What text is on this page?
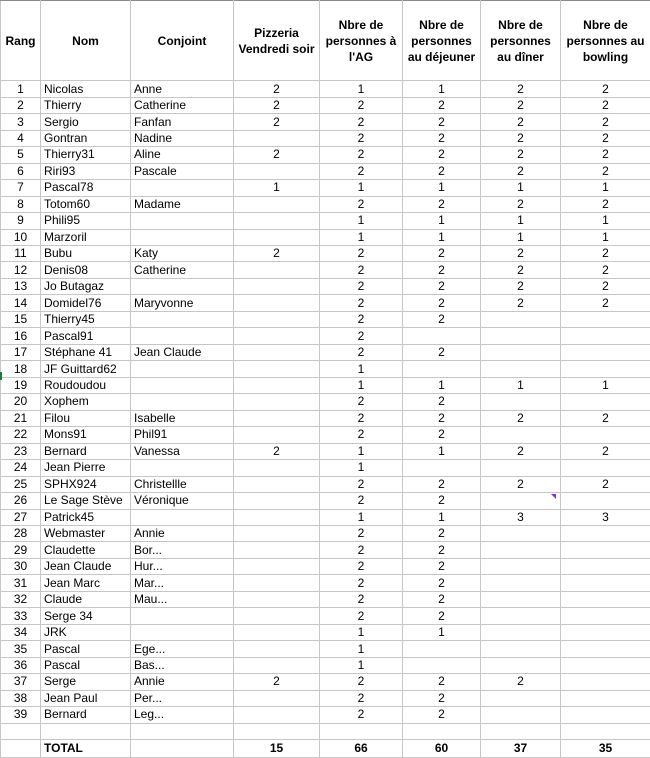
Rang	Nom	Conjoint	Pizzeria Vendredi soir	Nbre de personnes à l'AG	Nbre de personnes au déjeuner	Nbre de personnes au dîner	Nbre de personnes au bowling
1	Nicolas	Anne	2	1	1	2	2
2	Thierry	Catherine	2	2	2	2	2
3	Sergio	Fanfan	2	2	2	2	2
4	Gontran	Nadine		2	2	2	2
5	Thierry31	Aline	2	2	2	2	2
6	Riri93	Pascale		2	2	2	2
7	Pascal78		1	1	1	1	1
8	Totom60	Madame		2	2	2	2
9	Phili95			1	1	1	1
10	Marzoril			1	1	1	1
11	Bubu	Katy	2	2	2	2	2
12	Denis08	Catherine		2	2	2	2
13	Jo Butagaz			2	2	2	2
14	Domidel76	Maryvonne		2	2	2	2
15	Thierry45			2	2		
16	Pascal91			2			
17	Stéphane 41	Jean Claude		2	2		
18	JF Guittard62			1			
19	Roudoudou			1	1	1	1
20	Xophem			2	2		
21	Filou	Isabelle		2	2	2	2
22	Mons91	Phil91		2	2		
23	Bernard	Vanessa	2	1	1	2	2
24	Jean Pierre			1			
25	SPHX924	Christellle		2	2	2	2
26	Le Sage Stève	Véronique		2	2		
27	Patrick45			1	1	3	3
28	Webmaster	Annie		2	2		
29	Claudette	Bor...		2	2		
30	Jean Claude	Hur...		2	2		
31	Jean Marc	Mar...		2	2		
32	Claude	Mau...		2	2		
33	Serge 34			2	2		
34	JRK			1	1		
35	Pascal	Ege...		1			
36	Pascal	Bas...		1			
37	Serge	Annie	2	2	2	2	
38	Jean Paul	Per...		2	2		
39	Bernard	Leg...		2	2		

	TOTAL		15	66	60	37	35
